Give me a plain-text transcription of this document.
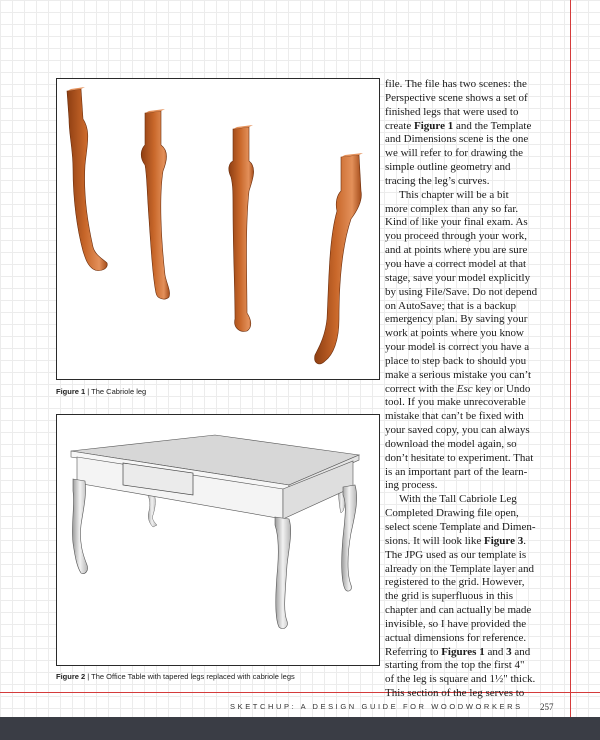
Figure 1 | The Cabriole leg
Figure 2 | The Office Table with tapered legs replaced with cabriole legs
file. The file has two scenes: the
Perspective scene shows a set of
finished legs that were used to
create Figure 1 and the Template
and Dimensions scene is the one
we will refer to for drawing the
simple outline geometry and
tracing the leg’s curves.
This chapter will be a bit
more complex than any so far.
Kind of like your final exam. As
you proceed through your work,
and at points where you are sure
you have a correct model at that
stage, save your model explicitly
by using File/Save. Do not depend
on AutoSave; that is a backup
emergency plan. By saving your
work at points where you know
your model is correct you have a
place to step back to should you
make a serious mistake you can’t
correct with the Esc key or Undo
tool. If you make unrecoverable
mistake that can’t be fixed with
your saved copy, you can always
download the model again, so
don’t hesitate to experiment. That
is an important part of the learn-
ing process.
With the Tall Cabriole Leg
Completed Drawing file open,
select scene Template and Dimen-
sions. It will look like Figure 3.
The JPG used as our template is
already on the Template layer and
registered to the grid. However,
the grid is superfluous in this
chapter and can actually be made
invisible, so I have provided the
actual dimensions for reference.
Referring to Figures 1 and 3 and
starting from the top the first 4"
of the leg is square and 1½" thick.
This section of the leg serves to
SKETCHUP: A DESIGN GUIDE FOR WOODWORKERS	257
